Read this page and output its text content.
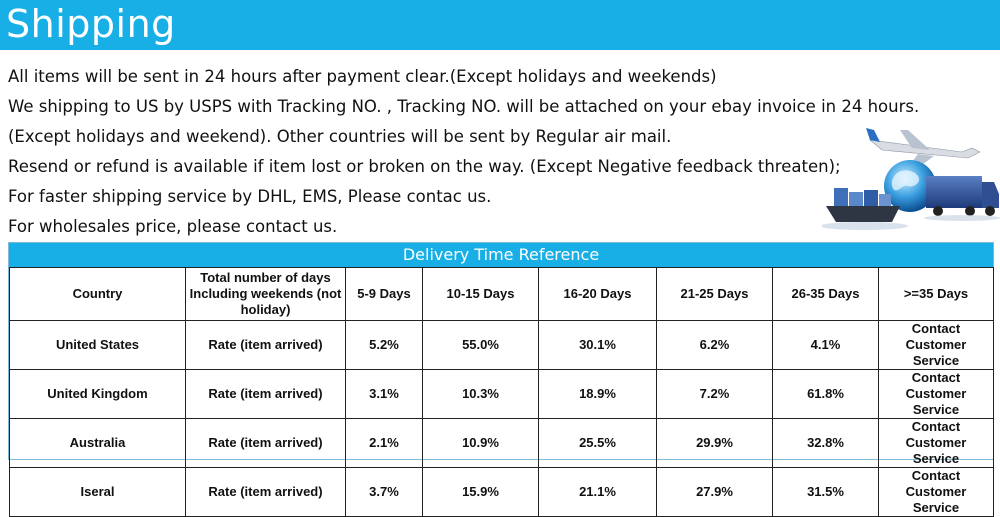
Shipping
All items will be sent in 24 hours after payment clear.(Except holidays and weekends)
We shipping to US by USPS with Tracking NO. , Tracking NO. will be attached on your ebay invoice in 24 hours.
(Except holidays and weekend). Other countries will be sent by Regular air mail.
Resend or refund is available if item lost or broken on the way. (Except Negative feedback threaten);
For faster shipping service by DHL, EMS, Please contac us.
For wholesales price, please contact us.
Delivery Time Reference
Country	Total number of days Including weekends (not holiday)	5-9 Days	10-15 Days	16-20 Days	21-25 Days	26-35 Days	>=35 Days
United States	Rate (item arrived)	5.2%	55.0%	30.1%	6.2%	4.1%	Contact Customer Service
United Kingdom	Rate (item arrived)	3.1%	10.3%	18.9%	7.2%	61.8%	Contact Customer Service
Australia	Rate (item arrived)	2.1%	10.9%	25.5%	29.9%	32.8%	Contact Customer Service
Iseral	Rate (item arrived)	3.7%	15.9%	21.1%	27.9%	31.5%	Contact Customer Service
